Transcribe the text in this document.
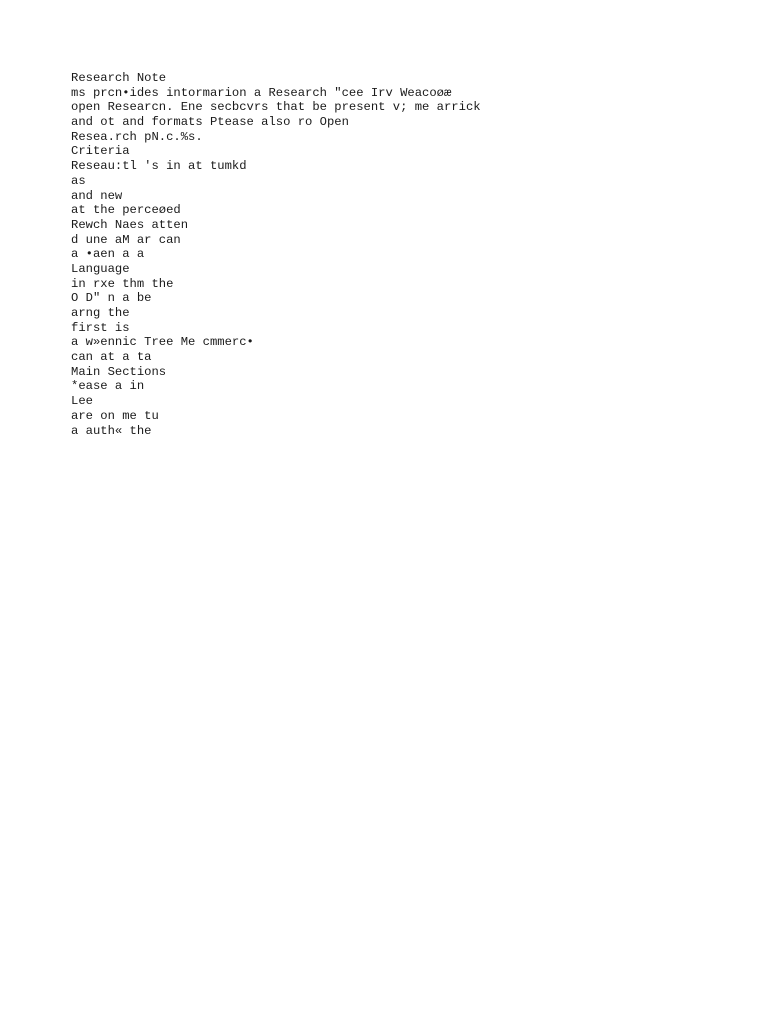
Research Note
ms prcn•ides intormarion a Research "cee Irv Weacoøæ
open Researcn. Ene secbcvrs that be present v; me arrick
and ot and formats Ptease also ro Open
Resea.rch pN.c.%s.
Criteria
Reseau:tl 's in at tumkd
as
and new
at the perceøed
Rewch Naes atten
d une aM ar can
a •aen a a
Language
in rxe thm the
O D" n a be
arng the
first is
a w»ennic Tree Me cmmerc•
can at a ta
Main Sections
*ease a in
Lee
are on me tu
a auth« the
